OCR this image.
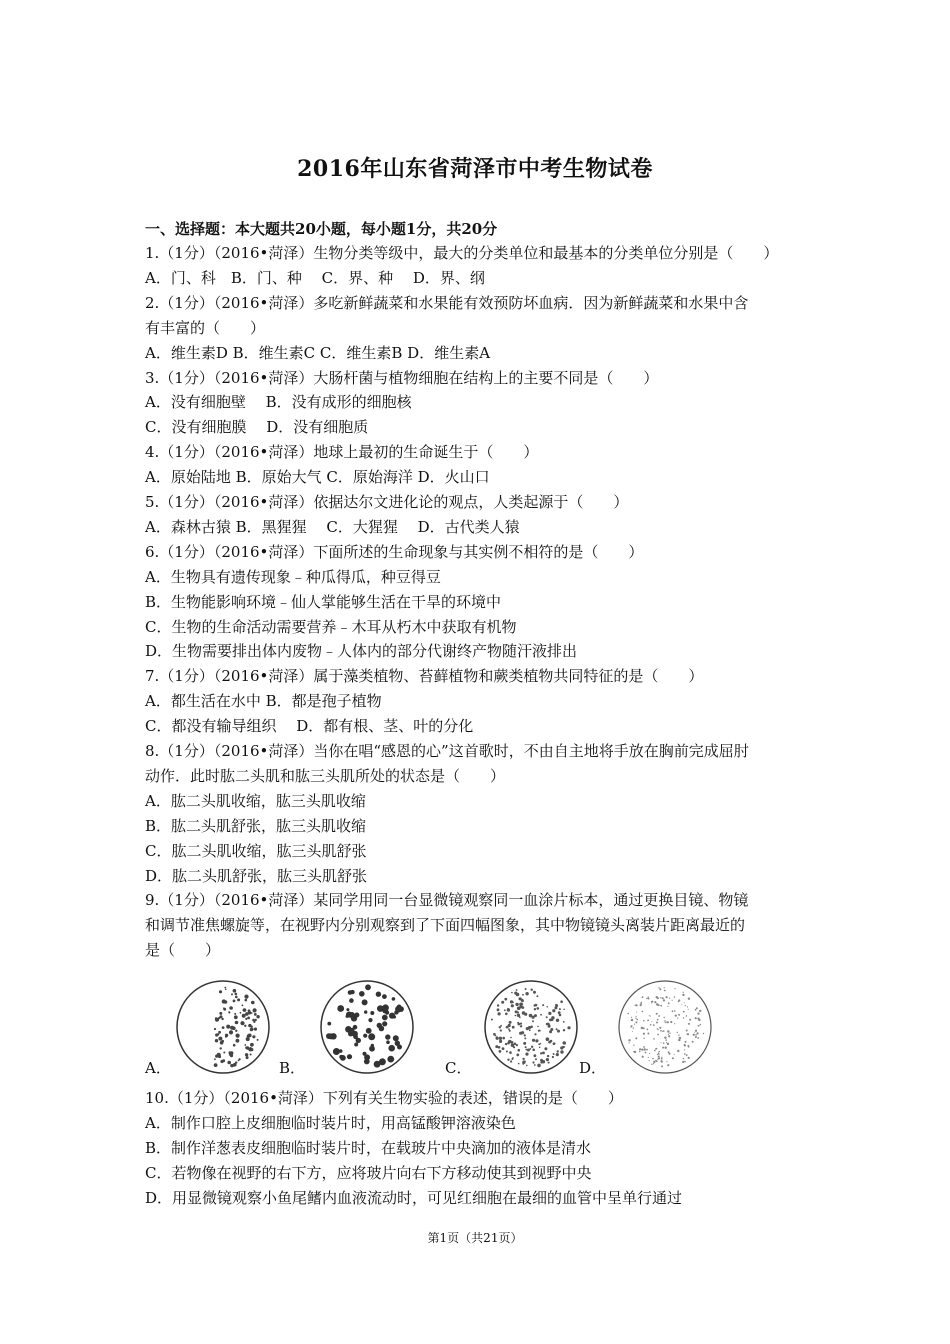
2016年山东省菏泽市中考生物试卷
一、选择题：本大题共20小题，每小题1分，共20分
1.（1分）（2016•菏泽）生物分类等级中，最大的分类单位和最基本的分类单位分别是（　　）
A．门、科　B．门、种　 C．界、种　 D．界、纲
2.（1分）（2016•菏泽）多吃新鲜蔬菜和水果能有效预防坏血病．因为新鲜蔬菜和水果中含
有丰富的（　　）
A．维生素D B．维生素C C．维生素B D．维生素A
3.（1分）（2016•菏泽）大肠杆菌与植物细胞在结构上的主要不同是（　　）
A．没有细胞壁　 B．没有成形的细胞核
C．没有细胞膜　 D．没有细胞质
4.（1分）（2016•菏泽）地球上最初的生命诞生于（　　）
A．原始陆地 B．原始大气 C．原始海洋 D．火山口
5.（1分）（2016•菏泽）依据达尔文进化论的观点，人类起源于（　　）
A．森林古猿 B．黑猩猩　 C．大猩猩　 D．古代类人猿
6.（1分）（2016•菏泽）下面所述的生命现象与其实例不相符的是（　　）
A．生物具有遗传现象﹣种瓜得瓜，种豆得豆
B．生物能影响环境﹣仙人掌能够生活在干旱的环境中
C．生物的生命活动需要营养﹣木耳从朽木中获取有机物
D．生物需要排出体内废物﹣人体内的部分代谢终产物随汗液排出
7.（1分）（2016•菏泽）属于藻类植物、苔藓植物和蕨类植物共同特征的是（　　）
A．都生活在水中 B．都是孢子植物
C．都没有输导组织　 D．都有根、茎、叶的分化
8.（1分）（2016•菏泽）当你在唱“感恩的心”这首歌时，不由自主地将手放在胸前完成屈肘
动作．此时肱二头肌和肱三头肌所处的状态是（　　）
A．肱二头肌收缩，肱三头肌收缩
B．肱二头肌舒张，肱三头肌收缩
C．肱二头肌收缩，肱三头肌舒张
D．肱二头肌舒张，肱三头肌舒张
9.（1分）（2016•菏泽）某同学用同一台显微镜观察同一血涂片标本，通过更换目镜、物镜
和调节准焦螺旋等，在视野内分别观察到了下面四幅图象，其中物镜镜头离装片距离最近的
是（　　）
A．	B．	C．	D．
10.（1分）（2016•菏泽）下列有关生物实验的表述，错误的是（　　）
A．制作口腔上皮细胞临时装片时，用高锰酸钾溶液染色
B．制作洋葱表皮细胞临时装片时，在载玻片中央滴加的液体是清水
C．若物像在视野的右下方，应将玻片向右下方移动使其到视野中央
D．用显微镜观察小鱼尾鳍内血液流动时，可见红细胞在最细的血管中呈单行通过
第1页（共21页）
